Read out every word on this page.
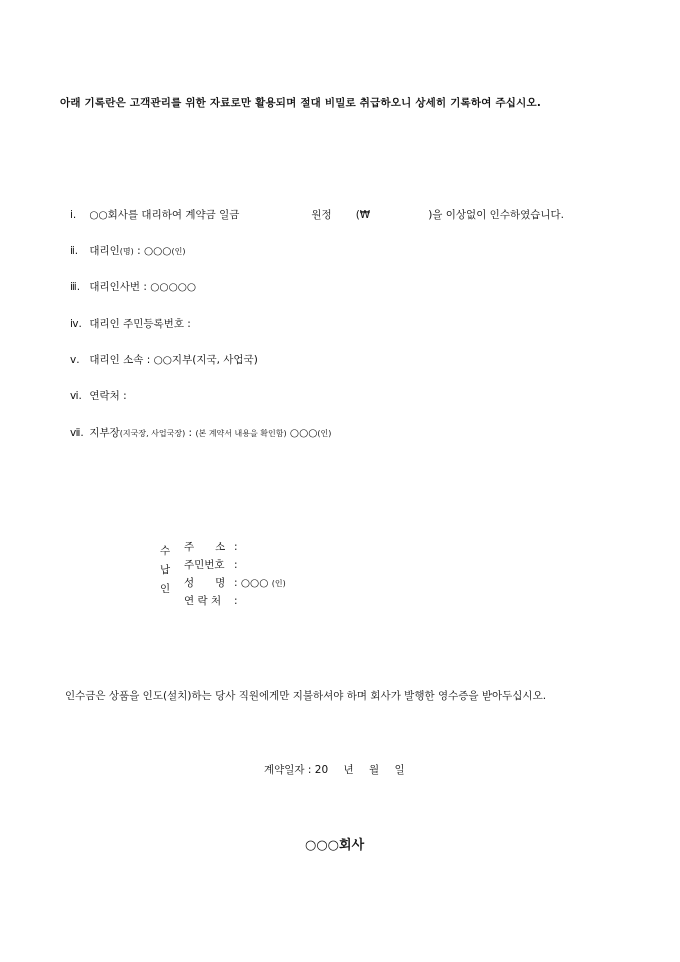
아래 기록란은 고객관리를 위한 자료로만 활용되며 절대 비밀로 취급하오니 상세히 기록하여 주십시오.
ⅰ. ○○회사를 대리하여 계약금 일금	원정 (₩	)을 이상없이 인수하였습니다.
ⅱ. 대리인(명) : ○○○(인)
ⅲ. 대리인사번 : ○○○○○
ⅳ. 대리인 주민등록번호 :
ⅴ. 대리인 소속 : ○○지부(지국, 사업국)
ⅵ. 연락처 :
ⅶ. 지부장(지국장, 사업국장) : (본 계약서 내용을 확인함) ○○○(인)
수
납
인
주　　소 :
주민번호 :
성　　명 : ○○○ (인)
연 락 처 :
인수금은 상품을 인도(설치)하는 당사 직원에게만 지불하셔야 하며 회사가 발행한 영수증을 받아두십시오.
계약일자 : 20 년 월 일
○○○회사
